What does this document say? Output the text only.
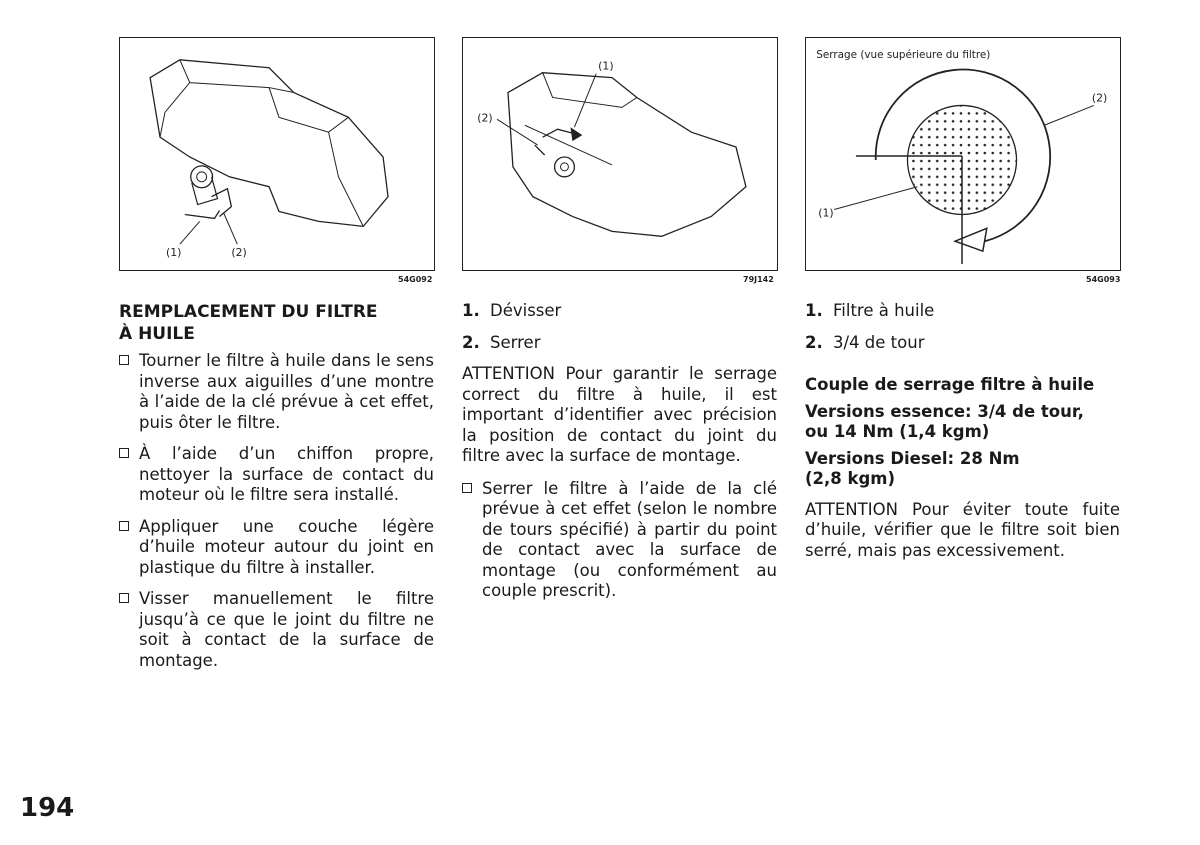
(1)	(2)
54G092
(1)
(2)
79J142
Serrage (vue supérieure du filtre)
(1)
(2)
54G093
REMPLACEMENT DU FILTRE
À HUILE
Tourner le filtre à huile dans le sens inverse aux aiguilles d’une montre à l’aide de la clé prévue à cet effet, puis ôter le filtre.
À l’aide d’un chiffon propre, nettoyer la surface de contact du moteur où le filtre sera installé.
Appliquer une couche légère d’huile moteur autour du joint en plastique du filtre à installer.
Visser manuellement le filtre jusqu’à ce que le joint du filtre ne soit à contact de la surface de montage.
1. Dévisser
2. Serrer
ATTENTION Pour garantir le serrage correct du filtre à huile, il est important d’identifier avec précision la position de contact du joint du filtre avec la surface de montage.
Serrer le filtre à l’aide de la clé prévue à cet effet (selon le nombre de tours spécifié) à partir du point de contact avec la surface de montage (ou conformément au couple prescrit).
1. Filtre à huile
2. 3/4 de tour
Couple de serrage filtre à huile
Versions essence: 3/4 de tour,
ou 14 Nm (1,4 kgm)
Versions Diesel: 28 Nm
(2,8 kgm)
ATTENTION Pour éviter toute fuite d’huile, vérifier que le filtre soit bien serré, mais pas excessivement.
194
